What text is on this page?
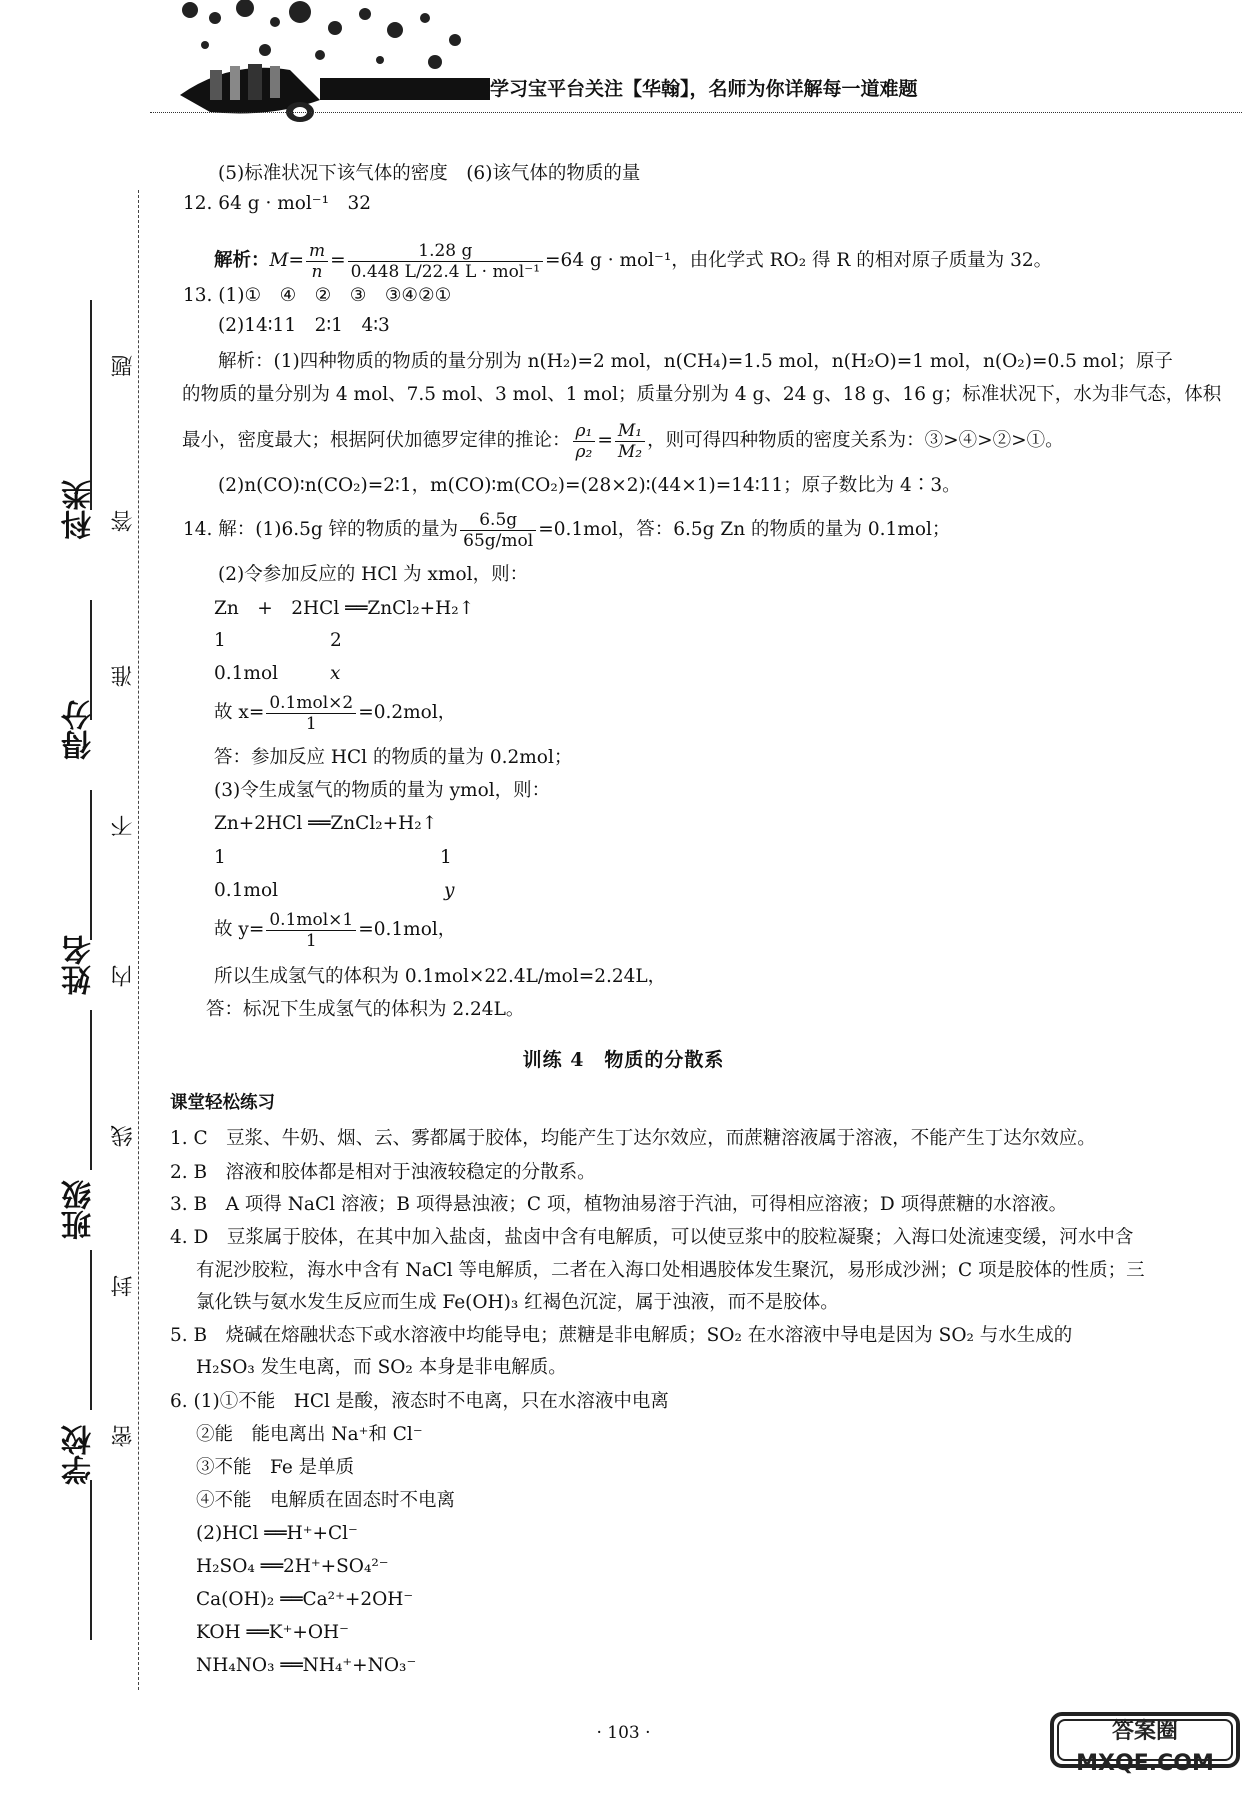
学习宝平台关注【华翰】，名师为你详解每一道难题
科类
得分
姓名
班级
学校
题
答
准
不
内
线
封
密
(5)标准状况下该气体的密度　(6)该气体的物质的量
12. 64 g · mol⁻¹　32
解析：$M= \frac{m}{n} = \frac{1.28 g}{\text{0.448 L/22.4 L · mol⁻¹}} =64$ g · mol⁻¹，由化学式 RO₂ 得 R 的相对原子质量为 32。
13. (1)①　④　②　③　③④②①
(2)14∶11　2∶1　4∶3
解析：(1)四种物质的物质的量分别为 n(H₂)=2 mol，n(CH₄)=1.5 mol，n(H₂O)=1 mol，n(O₂)=0.5 mol；原子
的物质的量分别为 4 mol、7.5 mol、3 mol、1 mol；质量分别为 4 g、24 g、18 g、16 g；标准状况下，水为非气态，体积
最小，密度最大；根据阿伏加德罗定律的推论： $\frac{\text{ρ₁}}{\text{ρ₂}} = \frac{\text{M₁}}{\text{M₂}}$ ，则可得四种物质的密度关系为：③>④>②>①。
(2)n(CO)∶n(CO₂)=2∶1，m(CO)∶m(CO₂)=(28×2)∶(44×1)=14∶11；原子数比为 4∶3。
14. 解：(1)6.5g 锌的物质的量为 $\frac{6.5g}{\text{65g/mol}} =0.1mol$，答：6.5g Zn 的物质的量为 0.1mol；
(2)令参加反应的 HCl 为 xmol，则：
Zn　+　2HCl ══ZnCl₂+H₂↑
1	2
0.1mol	x
故 $x= \frac{\text{0.1mol×2}}{1} =0.2mol$，
答：参加反应 HCl 的物质的量为 0.2mol；
(3)令生成氢气的物质的量为 ymol，则：
Zn+2HCl ══ZnCl₂+H₂↑
1	1
0.1mol	y
故 $y= \frac{\text{0.1mol×1}}{1} =0.1mol$，
所以生成氢气的体积为 0.1mol×22.4L/mol=2.24L，
答：标况下生成氢气的体积为 2.24L。
训练 4　物质的分散系
课堂轻松练习
1. C　豆浆、牛奶、烟、云、雾都属于胶体，均能产生丁达尔效应，而蔗糖溶液属于溶液，不能产生丁达尔效应。
2. B　溶液和胶体都是相对于浊液较稳定的分散系。
3. B　A 项得 NaCl 溶液；B 项得悬浊液；C 项，植物油易溶于汽油，可得相应溶液；D 项得蔗糖的水溶液。
4. D　豆浆属于胶体，在其中加入盐卤，盐卤中含有电解质，可以使豆浆中的胶粒凝聚；入海口处流速变缓，河水中含
有泥沙胶粒，海水中含有 NaCl 等电解质，二者在入海口处相遇胶体发生聚沉，易形成沙洲；C 项是胶体的性质；三
氯化铁与氨水发生反应而生成 Fe(OH)₃ 红褐色沉淀，属于浊液，而不是胶体。
5. B　烧碱在熔融状态下或水溶液中均能导电；蔗糖是非电解质；SO₂ 在水溶液中导电是因为 SO₂ 与水生成的
H₂SO₃ 发生电离，而 SO₂ 本身是非电解质。
6. (1)①不能　HCl 是酸，液态时不电离，只在水溶液中电离
②能　能电离出 Na⁺和 Cl⁻
③不能　Fe 是单质
④不能　电解质在固态时不电离
(2)HCl ══H⁺+Cl⁻
H₂SO₄ ══2H⁺+SO₄²⁻
Ca(OH)₂ ══Ca²⁺+2OH⁻
KOH ══K⁺+OH⁻
NH₄NO₃ ══NH₄⁺+NO₃⁻
· 103 ·	答案圈 MXQE.COM
